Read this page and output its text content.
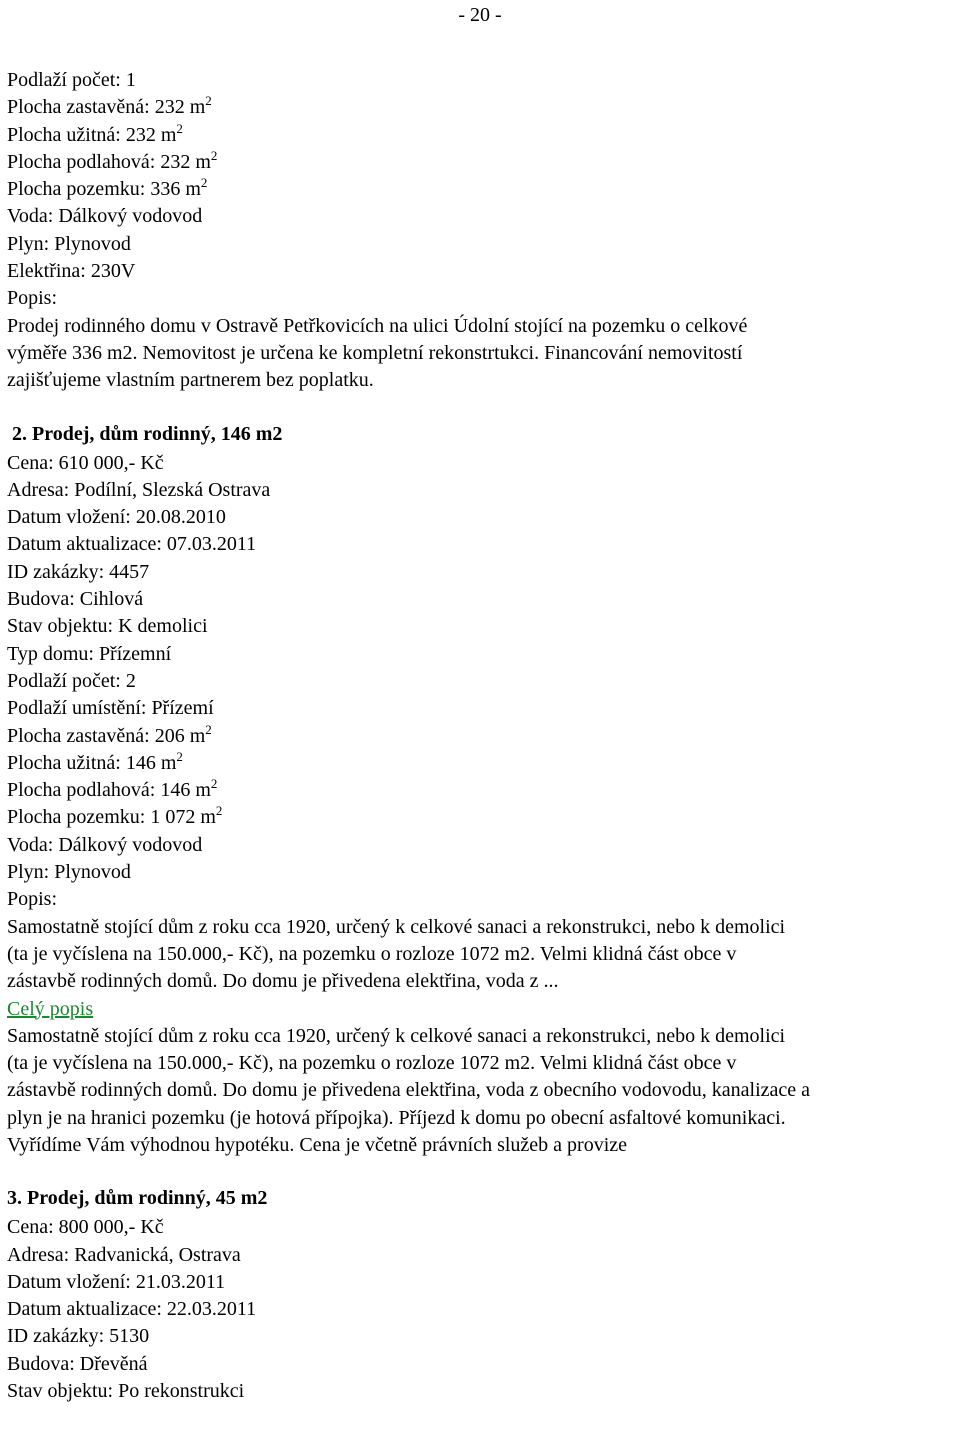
- 20 -
Podlaží počet: 1
Plocha zastavěná: 232 $m^2$
Plocha užitná: 232 $m^2$
Plocha podlahová: 232 $m^2$
Plocha pozemku: 336 $m^2$
Voda: Dálkový vodovod
Plyn: Plynovod
Elektřina: 230V
Popis:
Prodej rodinného domu v Ostravě Petřkovicích na ulici Údolní stojící na pozemku o celkové
výměře 336 m2. Nemovitost je určena ke kompletní rekonstrtukci. Financování nemovitostí
zajišťujeme vlastním partnerem bez poplatku.
2. Prodej, dům rodinný, 146 m2
Cena: 610 000,- Kč
Adresa: Podílní, Slezská Ostrava
Datum vložení: 20.08.2010
Datum aktualizace: 07.03.2011
ID zakázky: 4457
Budova: Cihlová
Stav objektu: K demolici
Typ domu: Přízemní
Podlaží počet: 2
Podlaží umístění: Přízemí
Plocha zastavěná: 206 $m^2$
Plocha užitná: 146 $m^2$
Plocha podlahová: 146 $m^2$
Plocha pozemku: 1 072 $m^2$
Voda: Dálkový vodovod
Plyn: Plynovod
Popis:
Samostatně stojící dům z roku cca 1920, určený k celkové sanaci a rekonstrukci, nebo k demolici
(ta je vyčíslena na 150.000,- Kč), na pozemku o rozloze 1072 m2. Velmi klidná část obce v
zástavbě rodinných domů. Do domu je přivedena elektřina, voda z ...
Celý popis
Samostatně stojící dům z roku cca 1920, určený k celkové sanaci a rekonstrukci, nebo k demolici
(ta je vyčíslena na 150.000,- Kč), na pozemku o rozloze 1072 m2. Velmi klidná část obce v
zástavbě rodinných domů. Do domu je přivedena elektřina, voda z obecního vodovodu, kanalizace a
plyn je na hranici pozemku (je hotová přípojka). Příjezd k domu po obecní asfaltové komunikaci.
Vyřídíme Vám výhodnou hypotéku. Cena je včetně právních služeb a provize
3. Prodej, dům rodinný, 45 m2
Cena: 800 000,- Kč
Adresa: Radvanická, Ostrava
Datum vložení: 21.03.2011
Datum aktualizace: 22.03.2011
ID zakázky: 5130
Budova: Dřevěná
Stav objektu: Po rekonstrukci
